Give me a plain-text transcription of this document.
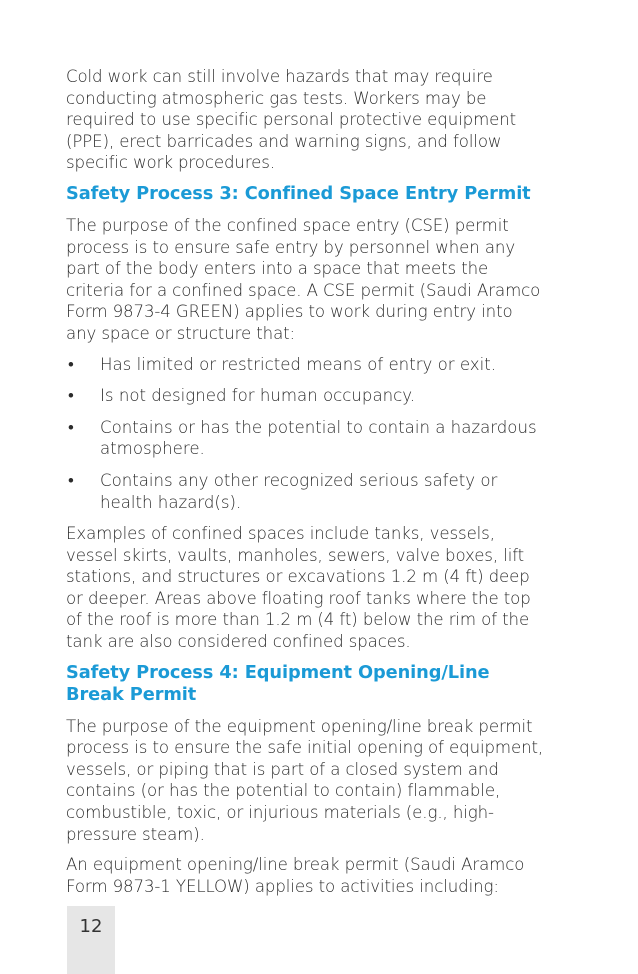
Cold work can still involve hazards that may require conducting atmospheric gas tests. Workers may be required to use specific personal protective equipment (PPE), erect barricades and warning signs, and follow specific work procedures.

Safety Process 3: Confined Space Entry Permit

The purpose of the confined space entry (CSE) permit process is to ensure safe entry by personnel when any part of the body enters into a space that meets the criteria for a confined space. A CSE permit (Saudi Aramco Form 9873-4 GREEN) applies to work during entry into any space or structure that:

• Has limited or restricted means of entry or exit.
• Is not designed for human occupancy.
• Contains or has the potential to contain a hazardous atmosphere.
• Contains any other recognized serious safety or health hazard(s).

Examples of confined spaces include tanks, vessels, vessel skirts, vaults, manholes, sewers, valve boxes, lift stations, and structures or excavations 1.2 m (4 ft) deep or deeper. Areas above floating roof tanks where the top of the roof is more than 1.2 m (4 ft) below the rim of the tank are also considered confined spaces.

Safety Process 4: Equipment Opening/Line Break Permit

The purpose of the equipment opening/line break permit process is to ensure the safe initial opening of equipment, vessels, or piping that is part of a closed system and contains (or has the potential to contain) flammable, combustible, toxic, or injurious materials (e.g., high-pressure steam).

An equipment opening/line break permit (Saudi Aramco Form 9873-1 YELLOW) applies to activities including:

12
